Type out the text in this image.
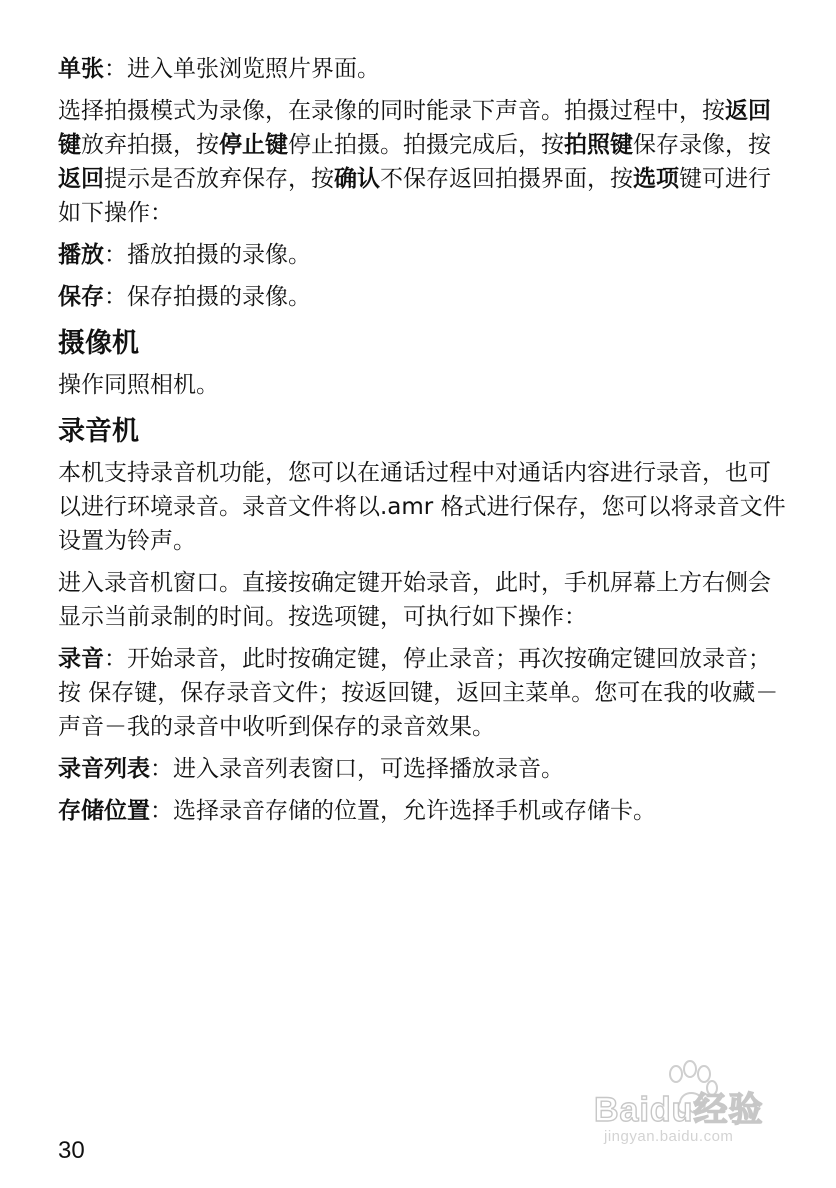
单张：进入单张浏览照片界面。

选择拍摄模式为录像，在录像的同时能录下声音。拍摄过程中，按返回键放弃拍摄，按停止键停止拍摄。拍摄完成后，按拍照键保存录像，按返回提示是否放弃保存，按确认不保存返回拍摄界面，按选项键可进行如下操作：

播放：播放拍摄的录像。

保存：保存拍摄的录像。

摄像机

操作同照相机。

录音机

本机支持录音机功能，您可以在通话过程中对通话内容进行录音，也可以进行环境录音。录音文件将以.amr 格式进行保存，您可以将录音文件设置为铃声。

进入录音机窗口。直接按确定键开始录音，此时，手机屏幕上方右侧会显示当前录制的时间。按选项键，可执行如下操作：

录音：开始录音，此时按确定键，停止录音；再次按确定键回放录音；按 保存键，保存录音文件；按返回键，返回主菜单。您可在我的收藏－声音－我的录音中收听到保存的录音效果。

录音列表：进入录音列表窗口，可选择播放录音。

存储位置：选择录音存储的位置，允许选择手机或存储卡。

Baidu经验
jingyan.baidu.com
30
